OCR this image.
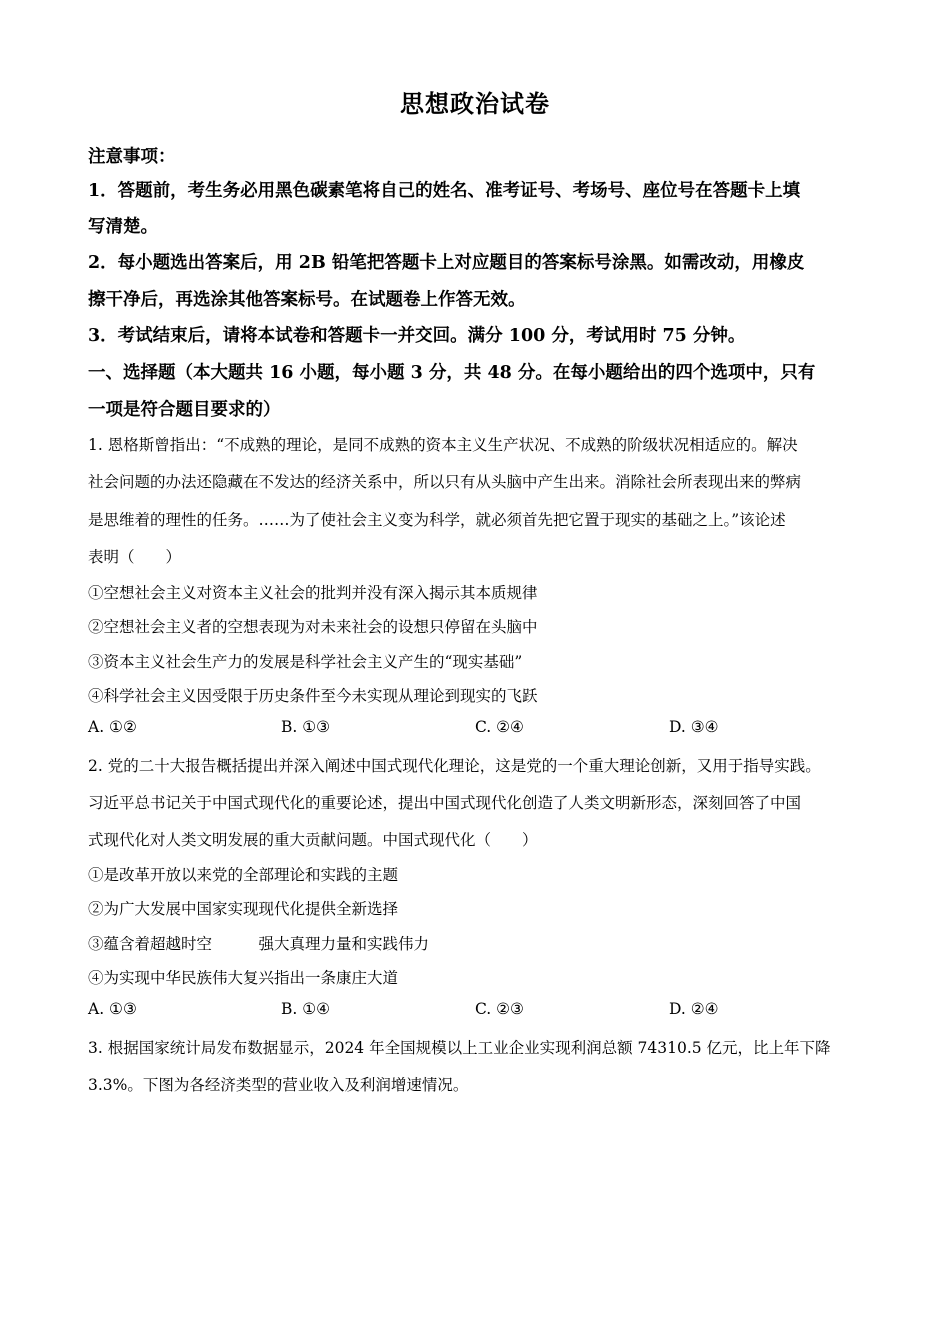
思想政治试卷
注意事项：
1．答题前，考生务必用黑色碳素笔将自己的姓名、准考证号、考场号、座位号在答题卡上填
写清楚。
2．每小题选出答案后，用 2B 铅笔把答题卡上对应题目的答案标号涂黑。如需改动，用橡皮
擦干净后，再选涂其他答案标号。在试题卷上作答无效。
3．考试结束后，请将本试卷和答题卡一并交回。满分 100 分，考试用时 75 分钟。
一、选择题（本大题共 16 小题，每小题 3 分，共 48 分。在每小题给出的四个选项中，只有
一项是符合题目要求的）
1. 恩格斯曾指出：“不成熟的理论，是同不成熟的资本主义生产状况、不成熟的阶级状况相适应的。解决
社会问题的办法还隐藏在不发达的经济关系中，所以只有从头脑中产生出来。消除社会所表现出来的弊病
是思维着的理性的任务。……为了使社会主义变为科学，就必须首先把它置于现实的基础之上。”该论述
表明（　　）
①空想社会主义对资本主义社会的批判并没有深入揭示其本质规律
②空想社会主义者的空想表现为对未来社会的设想只停留在头脑中
③资本主义社会生产力的发展是科学社会主义产生的“现实基础”
④科学社会主义因受限于历史条件至今未实现从理论到现实的飞跃
A. ①②	B. ①③	C. ②④	D. ③④
2. 党的二十大报告概括提出并深入阐述中国式现代化理论，这是党的一个重大理论创新，又用于指导实践。
习近平总书记关于中国式现代化的重要论述，提出中国式现代化创造了人类文明新形态，深刻回答了中国
式现代化对人类文明发展的重大贡献问题。中国式现代化（　　）
①是改革开放以来党的全部理论和实践的主题
②为广大发展中国家实现现代化提供全新选择
③蕴含着超越时空　　　强大真理力量和实践伟力
④为实现中华民族伟大复兴指出一条康庄大道
A. ①③	B. ①④	C. ②③	D. ②④
3. 根据国家统计局发布数据显示，2024 年全国规模以上工业企业实现利润总额 74310.5 亿元，比上年下降
3.3%。下图为各经济类型的营业收入及利润增速情况。
